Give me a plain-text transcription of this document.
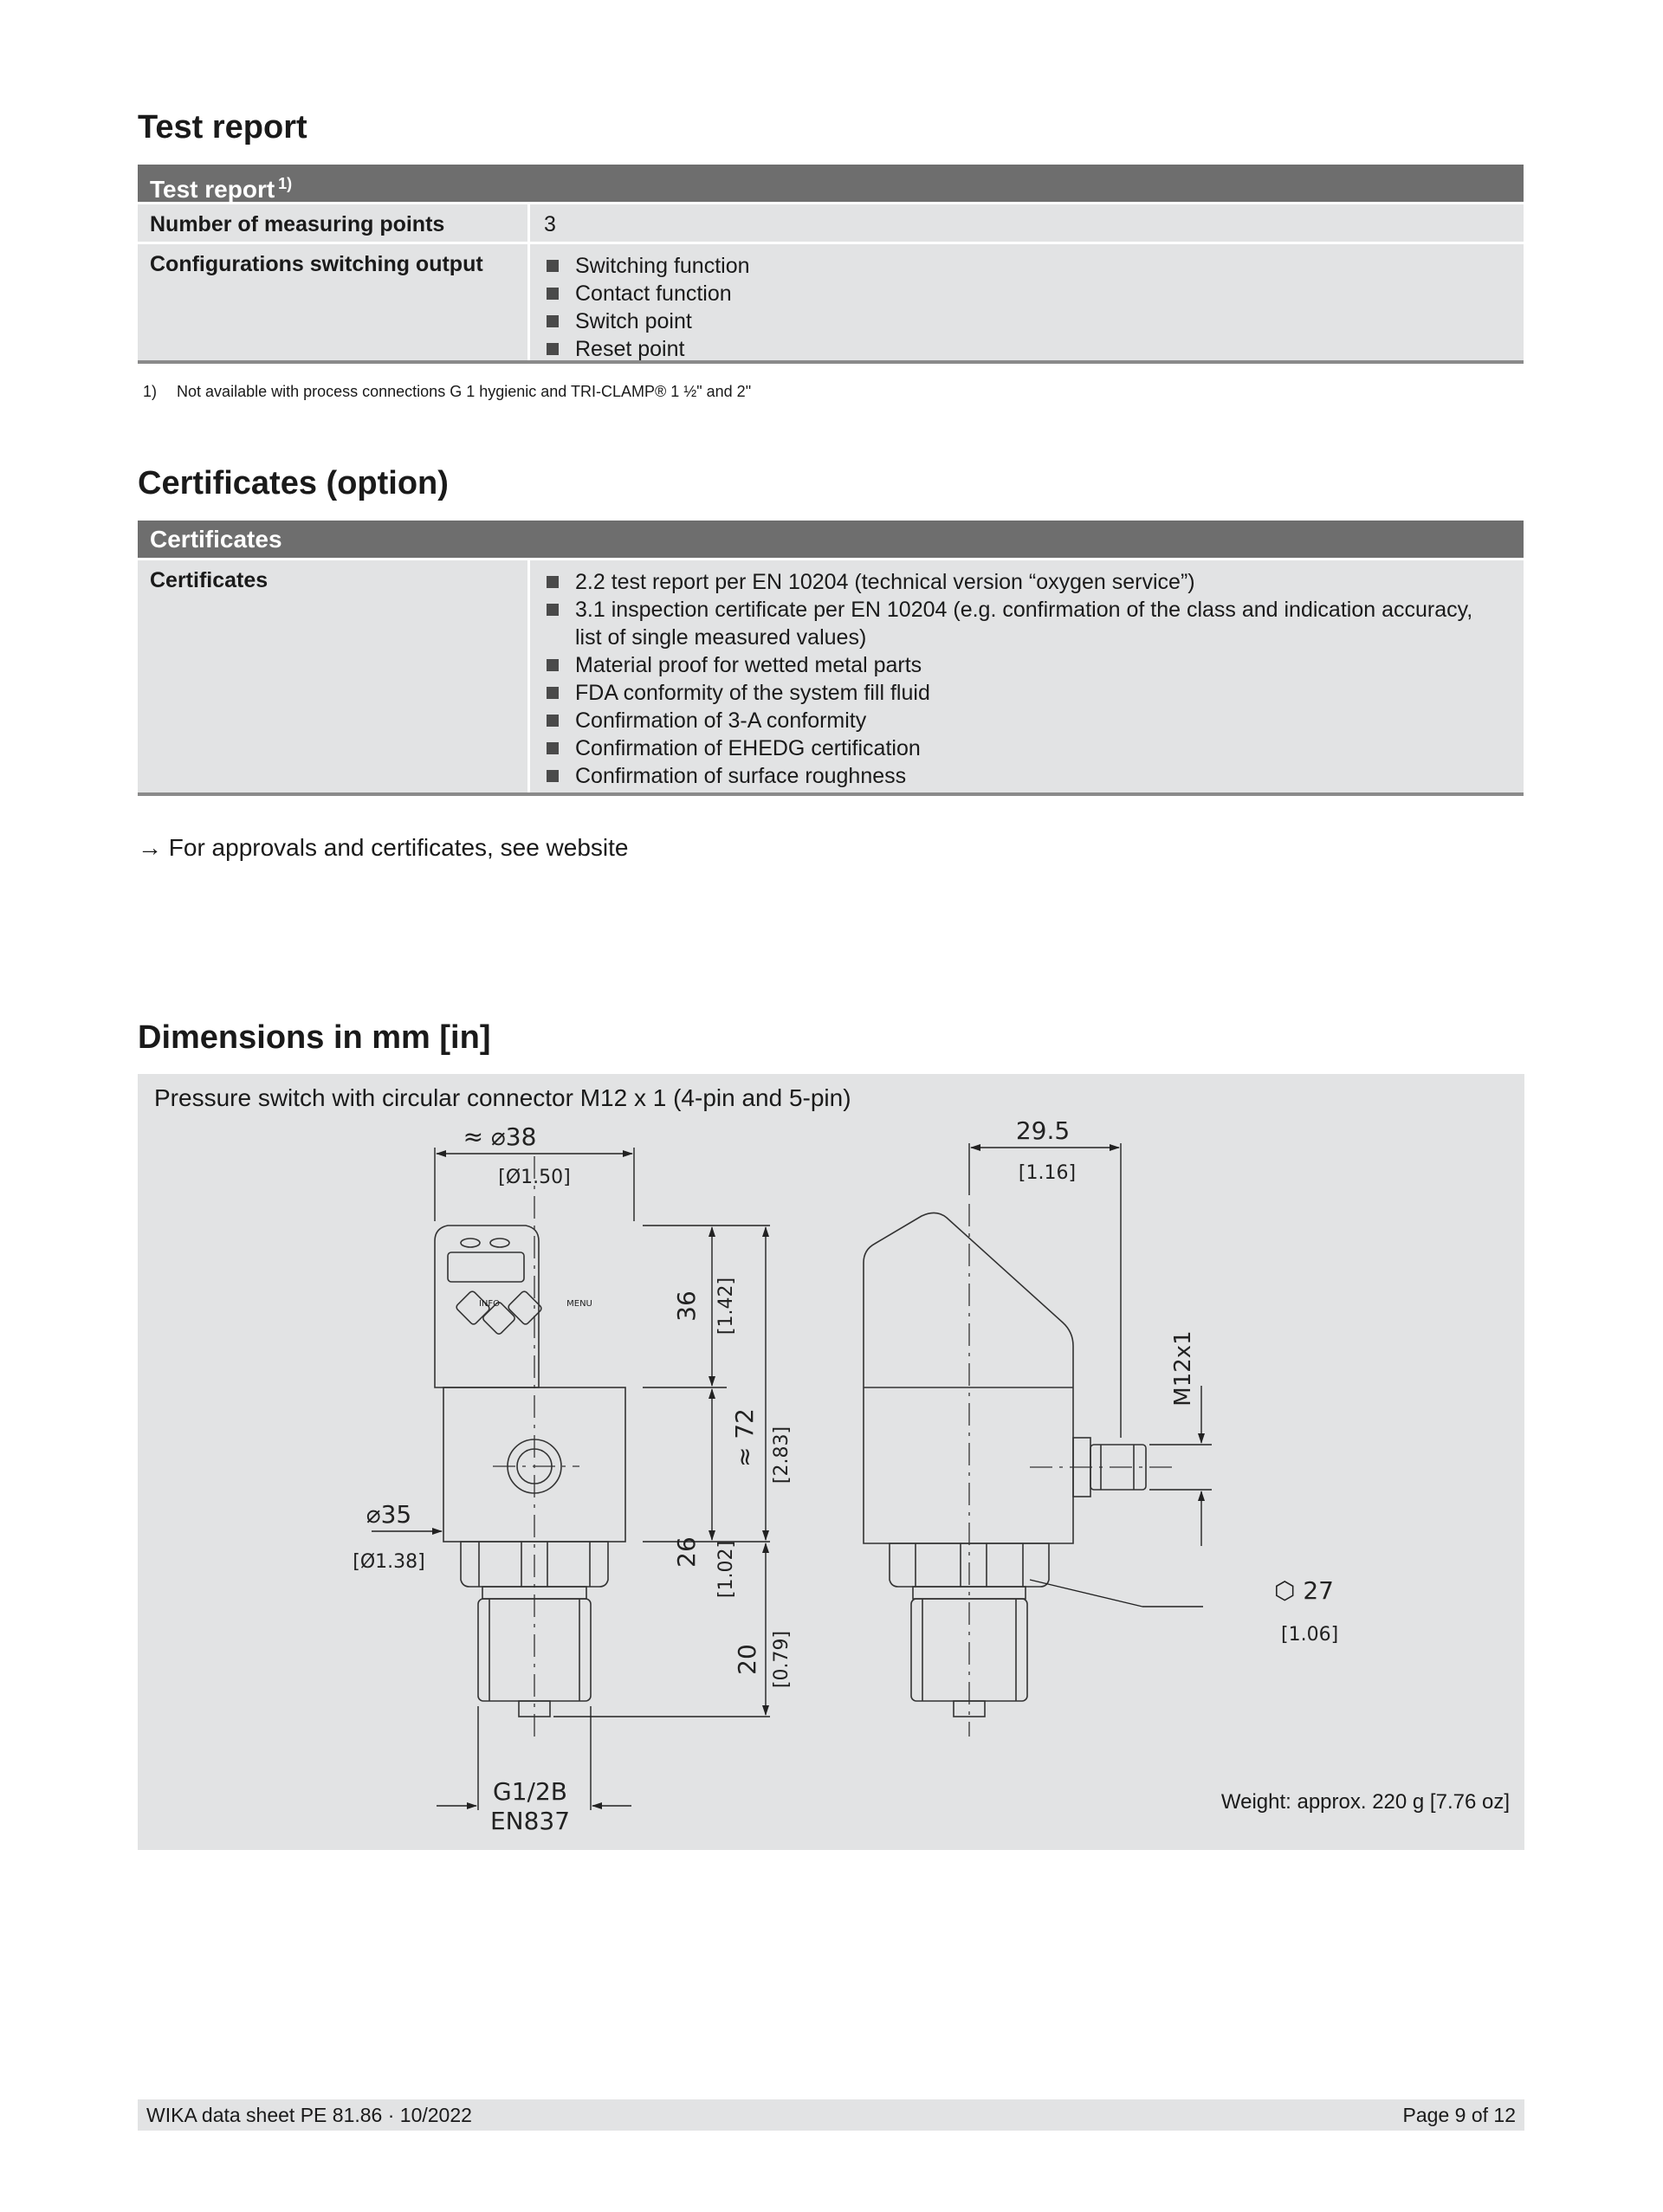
Test report
Test report $^{1)}$
Number of measuring points	3
Configurations switching output	Switching function
Contact function
Switch point
Reset point
1) Not available with process connections G 1 hygienic and TRI-CLAMP® 1 ½" and 2"
Certificates (option)
Certificates
Certificates	2.2 test report per EN 10204 (technical version “oxygen service”)
3.1 inspection certificate per EN 10204 (e.g. confirmation of the class and indication accuracy, list of single measured values)
Material proof for wetted metal parts
FDA conformity of the system fill fluid
Confirmation of 3-A conformity
Confirmation of EHEDG certification
Confirmation of surface roughness
→ For approvals and certificates, see website
Dimensions in mm [in]
Pressure switch with circular connector M12 x 1 (4-pin and 5-pin)
≈ ⌀38
[Ø1.50]
29.5
[1.16]
36 [1.42]
≈ 72 [2.83]
26 [1.02]
20 [0.79]
⌀35
[Ø1.38]
G1/2B
EN837
M12x1
⬡ 27
[1.06]
INFO	MENU
Weight: approx. 220 g [7.76 oz]
WIKA data sheet PE 81.86 · 10/2022	Page 9 of 12
